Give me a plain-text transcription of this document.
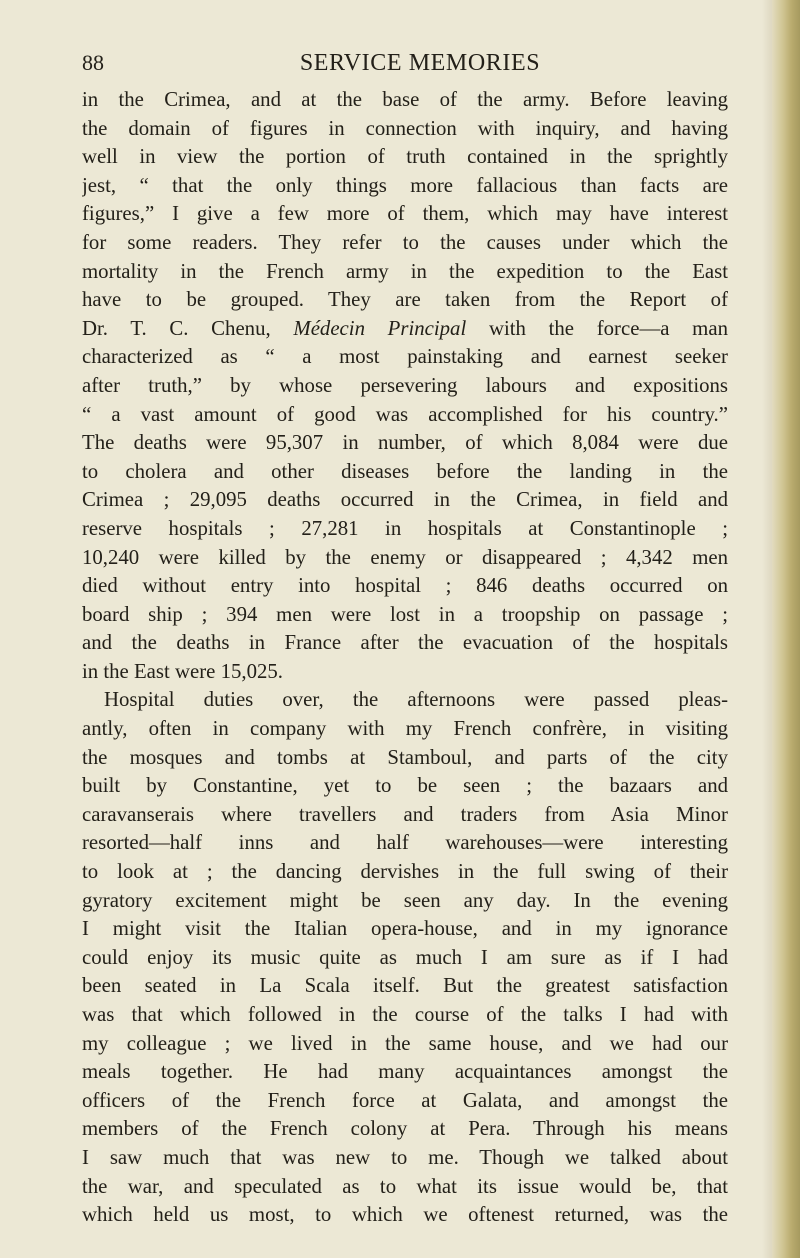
88	SERVICE MEMORIES
in the Crimea, and at the base of the army. Before leaving
the domain of figures in connection with inquiry, and having
well in view the portion of truth contained in the sprightly
jest, “ that the only things more fallacious than facts are
figures,” I give a few more of them, which may have interest
for some readers. They refer to the causes under which the
mortality in the French army in the expedition to the East
have to be grouped. They are taken from the Report of
Dr. T. C. Chenu, Médecin Principal with the force—a man
characterized as “ a most painstaking and earnest seeker
after truth,” by whose persevering labours and expositions
“ a vast amount of good was accomplished for his country.”
The deaths were 95,307 in number, of which 8,084 were due
to cholera and other diseases before the landing in the
Crimea ; 29,095 deaths occurred in the Crimea, in field and
reserve hospitals ; 27,281 in hospitals at Constantinople ;
10,240 were killed by the enemy or disappeared ; 4,342 men
died without entry into hospital ; 846 deaths occurred on
board ship ; 394 men were lost in a troopship on passage ;
and the deaths in France after the evacuation of the hospitals
in the East were 15,025.
Hospital duties over, the afternoons were passed pleas-
antly, often in company with my French confrère, in visiting
the mosques and tombs at Stamboul, and parts of the city
built by Constantine, yet to be seen ; the bazaars and
caravanserais where travellers and traders from Asia Minor
resorted—half inns and half warehouses—were interesting
to look at ; the dancing dervishes in the full swing of their
gyratory excitement might be seen any day. In the evening
I might visit the Italian opera-house, and in my ignorance
could enjoy its music quite as much I am sure as if I had
been seated in La Scala itself. But the greatest satisfaction
was that which followed in the course of the talks I had with
my colleague ; we lived in the same house, and we had our
meals together. He had many acquaintances amongst the
officers of the French force at Galata, and amongst the
members of the French colony at Pera. Through his means
I saw much that was new to me. Though we talked about
the war, and speculated as to what its issue would be, that
which held us most, to which we oftenest returned, was the
